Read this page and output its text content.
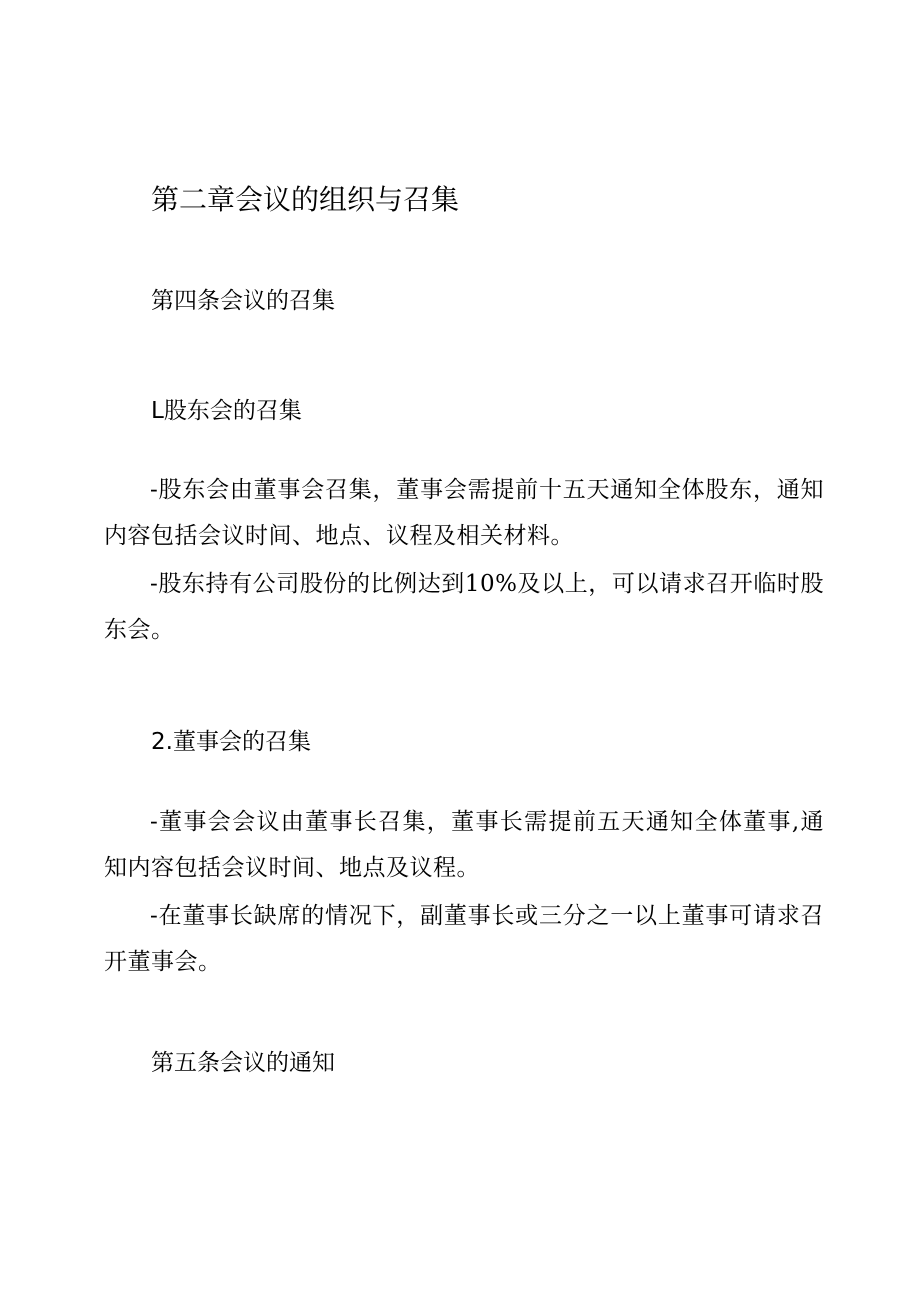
第二章会议的组织与召集
第四条会议的召集
L股东会的召集

-股东会由董事会召集，董事会需提前十五天通知全体股东，通知内容包括会议时间、地点、议程及相关材料。

-股东持有公司股份的比例达到10%及以上，可以请求召开临时股东会。

2.董事会的召集

-董事会会议由董事长召集，董事长需提前五天通知全体董事,通知内容包括会议时间、地点及议程。

-在董事长缺席的情况下，副董事长或三分之一以上董事可请求召开董事会。

第五条会议的通知
